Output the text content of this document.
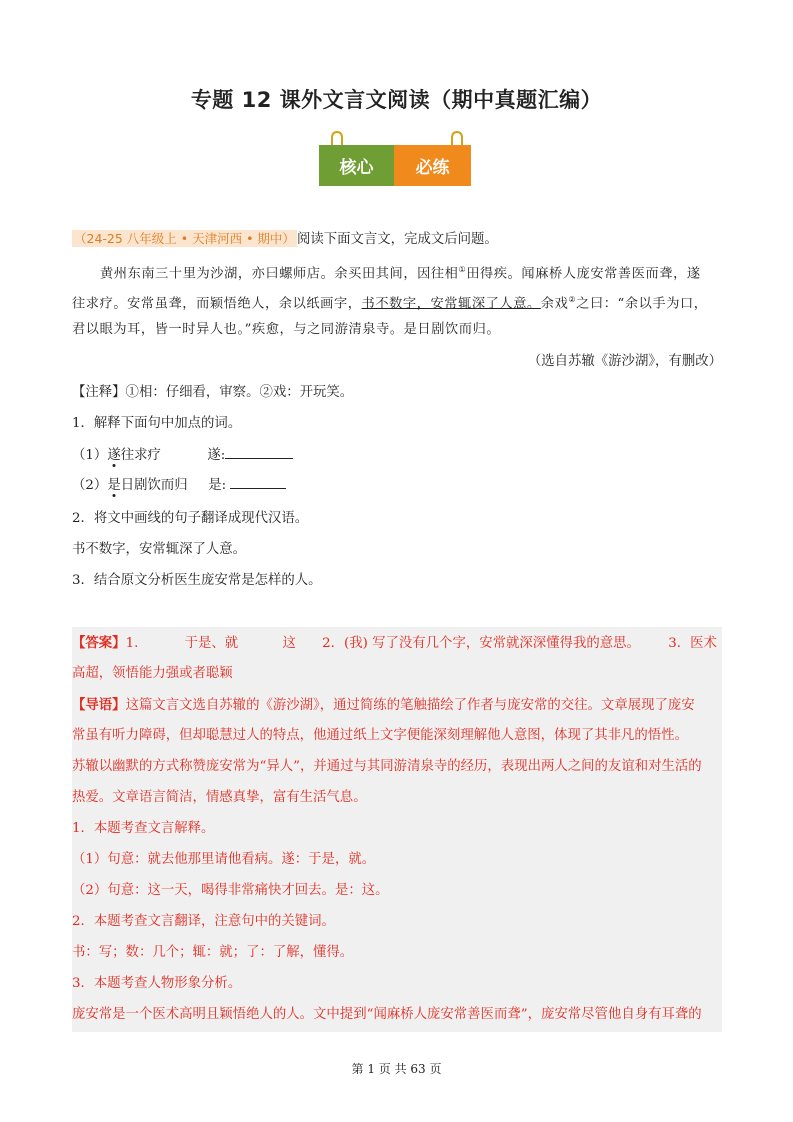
专题 12 课外文言文阅读（期中真题汇编）
核心	必练
（24-25 八年级上 • 天津河西 • 期中） 阅读下面文言文，完成文后问题。
黄州东南三十里为沙湖，亦曰螺师店。余买田其间，因往相①田得疾。闻麻桥人庞安常善医而聋，遂
往求疗。安常虽聋，而颖悟绝人，余以纸画字，书不数字，安常辄深了人意。余戏②之曰：“余以手为口，
君以眼为耳，皆一时异人也。”疾愈，与之同游清泉寺。是日剧饮而归。
（选自苏辙《游沙湖》，有删改）
【注释】①相：仔细看，审察。②戏：开玩笑。
1．解释下面句中加点的词。
（1）遂往求疗	遂:
（2）是日剧饮而归 是:
2．将文中画线的句子翻译成现代汉语。
书不数字，安常辄深了人意。
3．结合原文分析医生庞安常是怎样的人。
【答案】1.	于是、就	这 2．(我) 写了没有几个字，安常就深深懂得我的意思。 3．医术
高超，领悟能力强或者聪颖
【导语】这篇文言文选自苏辙的《游沙湖》，通过简练的笔触描绘了作者与庞安常的交往。文章展现了庞安
常虽有听力障碍，但却聪慧过人的特点，他通过纸上文字便能深刻理解他人意图，体现了其非凡的悟性。
苏辙以幽默的方式称赞庞安常为“异人”，并通过与其同游清泉寺的经历，表现出两人之间的友谊和对生活的
热爱。文章语言简洁，情感真挚，富有生活气息。
1．本题考查文言解释。
（1）句意：就去他那里请他看病。遂：于是，就。
（2）句意：这一天，喝得非常痛快才回去。是：这。
2．本题考查文言翻译，注意句中的关键词。
书：写；数：几个；辄：就；了：了解，懂得。
3．本题考查人物形象分析。
庞安常是一个医术高明且颖悟绝人的人。文中提到“闻麻桥人庞安常善医而聋”，庞安常尽管他自身有耳聋的
第 1 页 共 63 页
